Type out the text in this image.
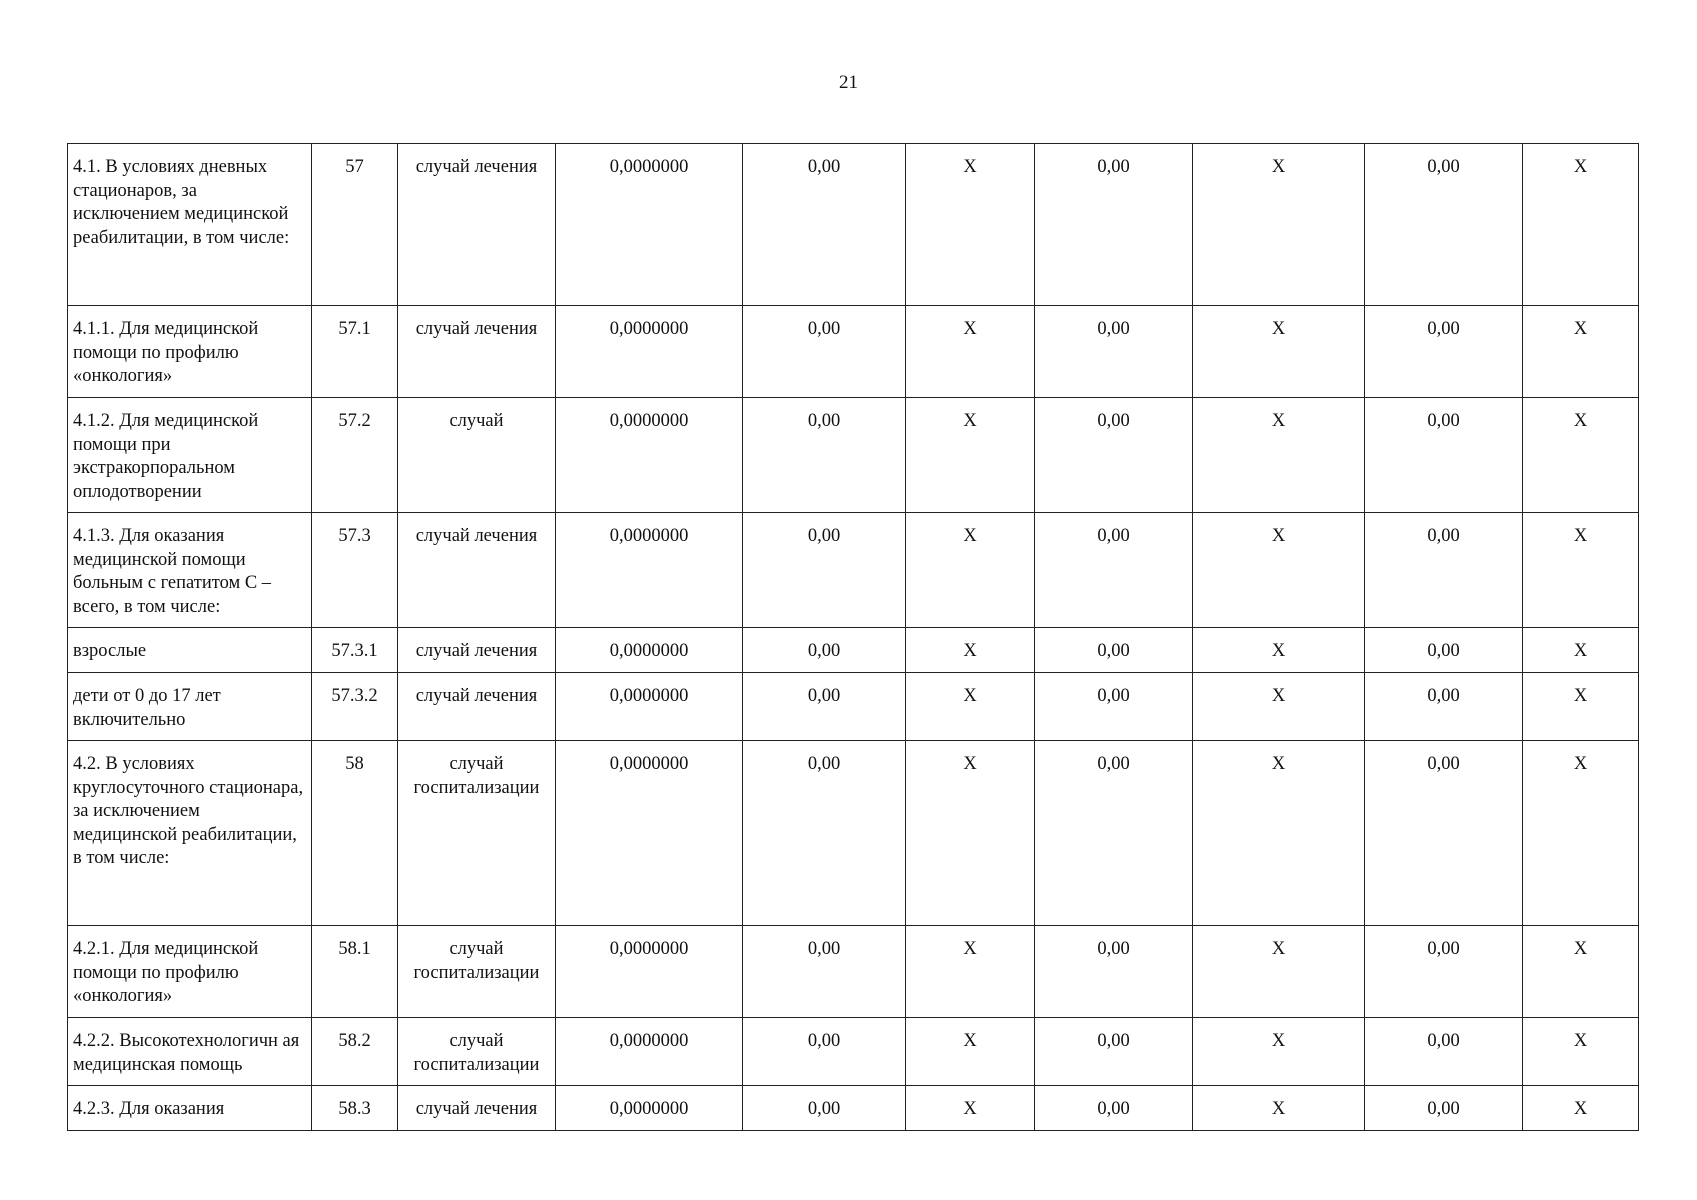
21
4.1. В условиях дневных стационаров, за исключением медицинской реабилитации, в том числе:	57	случай лечения	0,0000000	0,00	X	0,00	X	0,00	X
4.1.1. Для медицинской помощи по профилю «онкология»	57.1	случай лечения	0,0000000	0,00	X	0,00	X	0,00	X
4.1.2. Для медицинской помощи при экстракорпоральном оплодотворении	57.2	случай	0,0000000	0,00	X	0,00	X	0,00	X
4.1.3. Для оказания медицинской помощи больным с гепатитом С – всего, в том числе:	57.3	случай лечения	0,0000000	0,00	X	0,00	X	0,00	X
взрослые	57.3.1	случай лечения	0,0000000	0,00	X	0,00	X	0,00	X
дети от 0 до 17 лет включительно	57.3.2	случай лечения	0,0000000	0,00	X	0,00	X	0,00	X
4.2. В условиях круглосуточного стационара, за исключением медицинской реабилитации, в том числе:	58	случай госпитализации	0,0000000	0,00	X	0,00	X	0,00	X
4.2.1. Для медицинской помощи по профилю «онкология»	58.1	случай госпитализации	0,0000000	0,00	X	0,00	X	0,00	X
4.2.2. Высокотехнологичн ая медицинская помощь	58.2	случай госпитализации	0,0000000	0,00	X	0,00	X	0,00	X
4.2.3. Для оказания	58.3	случай лечения	0,0000000	0,00	X	0,00	X	0,00	X
